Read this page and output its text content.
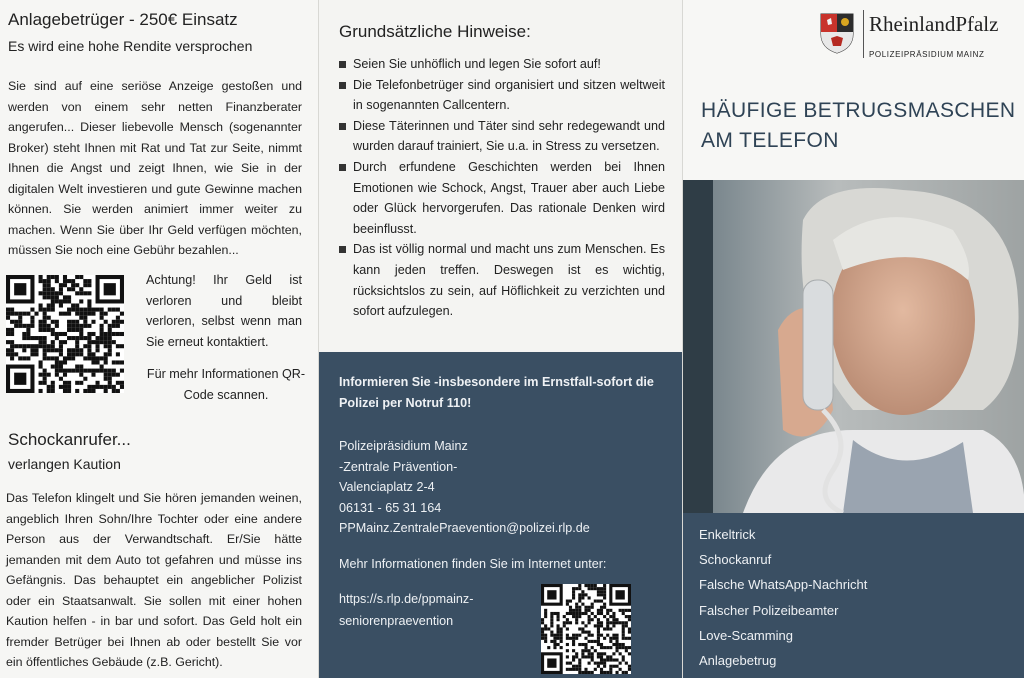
Anlagebetrüger - 250€ Einsatz
Es wird eine hohe Rendite versprochen
Sie sind auf eine seriöse Anzeige gestoßen und werden von einem sehr netten Finanzberater angerufen... Dieser liebevolle Mensch (sogenannter Broker) steht Ihnen mit Rat und Tat zur Seite, nimmt Ihnen die Angst und zeigt Ihnen, wie Sie in der digitalen Welt investieren und gute Gewinne machen können. Sie werden animiert immer weiter zu machen. Wenn Sie über Ihr Geld verfügen möchten, müssen Sie noch eine Gebühr bezahlen...
Achtung! Ihr Geld ist verloren und bleibt verloren, selbst wenn man Sie erneut kontaktiert.
Für mehr Informationen QR-Code scannen.
Schockanrufer...
verlangen Kaution
Das Telefon klingelt und Sie hören jemanden weinen, angeblich Ihren Sohn/Ihre Tochter oder eine andere Person aus der Verwandtschaft. Er/Sie hätte jemanden mit dem Auto tot gefahren und müsse ins Gefängnis. Das behauptet ein angeblicher Polizist oder ein Staatsanwalt. Sie sollen mit einer hohen Kaution helfen - in bar und sofort. Das Geld holt ein fremder Betrüger bei Ihnen ab oder bestellt Sie vor ein öffentliches Gebäude (z.B. Gericht).
Grundsätzliche Hinweise:
Seien Sie unhöflich und legen Sie sofort auf!
Die Telefonbetrüger sind organisiert und sitzen weltweit in sogenannten Callcentern.
Diese Täterinnen und Täter sind sehr redegewandt und wurden darauf trainiert, Sie u.a. in Stress zu versetzen.
Durch erfundene Geschichten werden bei Ihnen Emotionen wie Schock, Angst, Trauer aber auch Liebe oder Glück hervorgerufen. Das rationale Denken wird beeinflusst.
Das ist völlig normal und macht uns zum Menschen. Es kann jeden treffen. Deswegen ist es wichtig, rücksichtslos zu sein, auf Höflichkeit zu verzichten und sofort aufzulegen.
Informieren Sie -insbesondere im Ernstfall-sofort die Polizei per Notruf 110!
Polizeipräsidium Mainz
-Zentrale Prävention-
Valenciaplatz 2-4
06131 - 65 31 164
PPMainz.ZentralePraevention@polizei.rlp.de
Mehr Informationen finden Sie im Internet unter:
https://s.rlp.de/ppmainz-
seniorenpraevention
RheinlandPfalz
POLIZEIPRÄSIDIUM MAINZ
HÄUFIGE BETRUGSMASCHEN
AM TELEFON
Enkeltrick
Schockanruf
Falsche WhatsApp-Nachricht
Falscher Polizeibeamter
Love-Scamming
Anlagebetrug
